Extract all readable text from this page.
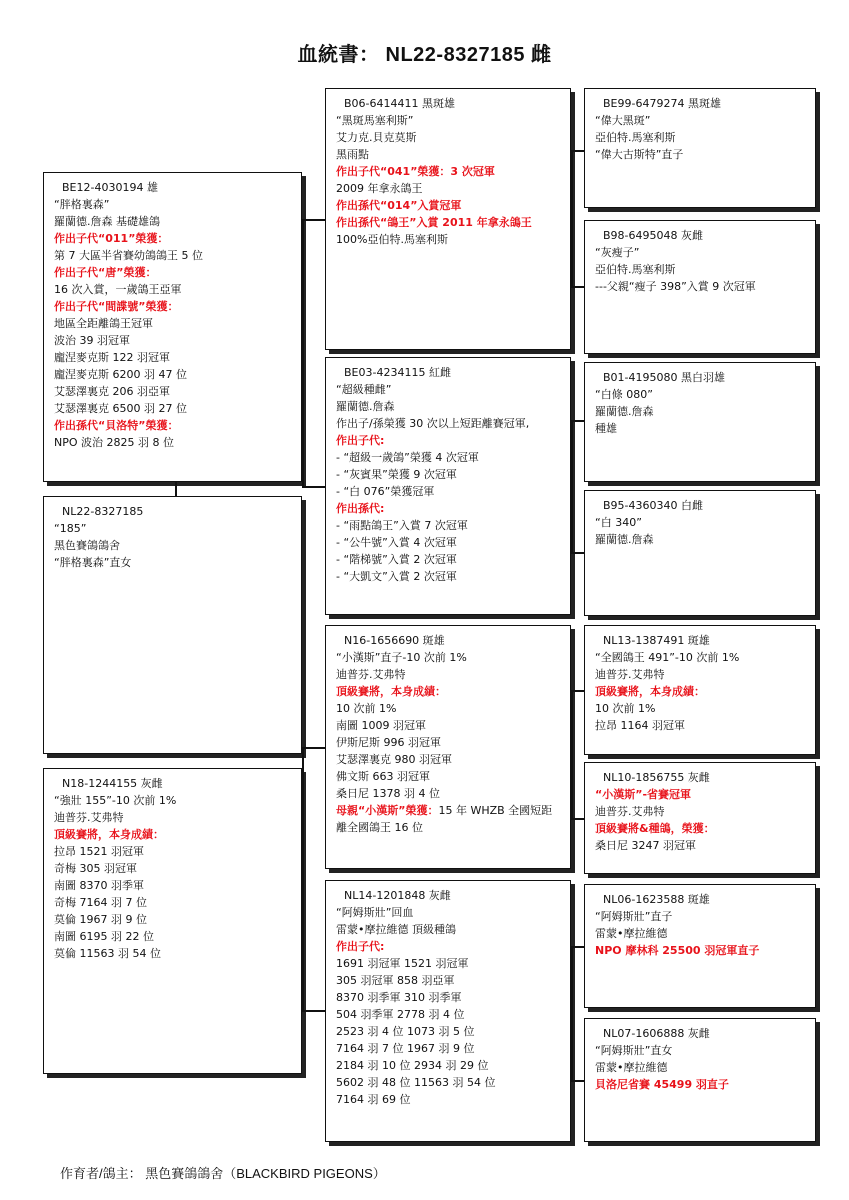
血統書： NL22-8327185 雌
BE12-4030194 雄
“胖格裏森”
羅蘭德.詹森 基礎雄鴿
作出子代“011”榮獲：
第 7 大區半省賽幼鴿鴿王 5 位
作出子代“唐”榮獲：
16 次入賞，一歲鴿王亞軍
作出子代“間諜號”榮獲：
地區全距離鴿王冠軍
波治 39 羽冠軍
龐涅麥克斯 122 羽冠軍
龐涅麥克斯 6200 羽 47 位
艾瑟澤裏克 206 羽亞軍
艾瑟澤裏克 6500 羽 27 位
作出孫代“貝洛特”榮獲：
NPO 波治 2825 羽 8 位
NL22-8327185
“185”
黑色賽鴿鴿舍
“胖格裏森”直女
N18-1244155 灰雌
“強壯 155”-10 次前 1%
迪普芬.艾弗特
頂級賽將，本身成績：
拉昂 1521 羽冠軍
奇梅 305 羽冠軍
南圖 8370 羽季軍
奇梅 7164 羽 7 位
莫倫 1967 羽 9 位
南圖 6195 羽 22 位
莫倫 11563 羽 54 位
B06-6414411 黑斑雄
“黑斑馬塞利斯”
艾力克.貝克莫斯
黑雨點
作出子代“041”榮獲：3 次冠軍
2009 年拿永鴿王
作出孫代“014”入賞冠軍
作出孫代“鴿王”入賞 2011 年拿永鴿王
100%亞伯特.馬塞利斯
BE03-4234115 紅雌
“超級種雌”
羅蘭德.詹森
作出子/孫榮獲 30 次以上短距離賽冠軍,
作出子代:
- “超級一歲鴿”榮獲 4 次冠軍
- “灰賓果”榮獲 9 次冠軍
- “白 076”榮獲冠軍
作出孫代:
- “雨點鴿王”入賞 7 次冠軍
- “公牛號”入賞 4 次冠軍
- “階梯號”入賞 2 次冠軍
- “大凱文”入賞 2 次冠軍
N16-1656690 斑雄
“小漢斯”直子-10 次前 1%
迪普芬.艾弗特
頂級賽將，本身成績：
10 次前 1%
南圖 1009 羽冠軍
伊斯尼斯 996 羽冠軍
艾瑟澤裏克 980 羽冠軍
佛文斯 663 羽冠軍
桑日尼 1378 羽 4 位
母親“小漢斯”榮獲：15 年 WHZB 全國短距離全國鴿王 16 位
NL14-1201848 灰雌
“阿姆斯壯”回血
雷蒙•摩拉維德 頂級種鴿
作出子代:
1691 羽冠軍 1521 羽冠軍
305 羽冠軍 858 羽亞軍
8370 羽季軍 310 羽季軍
504 羽季軍 2778 羽 4 位
2523 羽 4 位 1073 羽 5 位
7164 羽 7 位 1967 羽 9 位
2184 羽 10 位 2934 羽 29 位
5602 羽 48 位 11563 羽 54 位
7164 羽 69 位
BE99-6479274 黑斑雄
“偉大黑斑”
亞伯特.馬塞利斯
“偉大古斯特”直子
B98-6495048 灰雌
“灰瘦子”
亞伯特.馬塞利斯
---父親“瘦子 398”入賞 9 次冠軍
B01-4195080 黑白羽雄
“白條 080”
羅蘭德.詹森
種雄
B95-4360340 白雌
“白 340”
羅蘭德.詹森
NL13-1387491 斑雄
“全國鴿王 491”-10 次前 1%
迪普芬.艾弗特
頂級賽將，本身成績：
10 次前 1%
拉昂 1164 羽冠軍
NL10-1856755 灰雌
“小漢斯”-省賽冠軍
迪普芬.艾弗特
頂級賽將&種鴿，榮獲：
桑日尼 3247 羽冠軍
NL06-1623588 斑雄
“阿姆斯壯”直子
雷蒙•摩拉維德
NPO 摩林科 25500 羽冠軍直子
NL07-1606888 灰雌
“阿姆斯壯”直女
雷蒙•摩拉維德
貝洛尼省賽 45499 羽直子
作育者/鴿主： 黑色賽鴿鴿舍（BLACKBIRD PIGEONS）
